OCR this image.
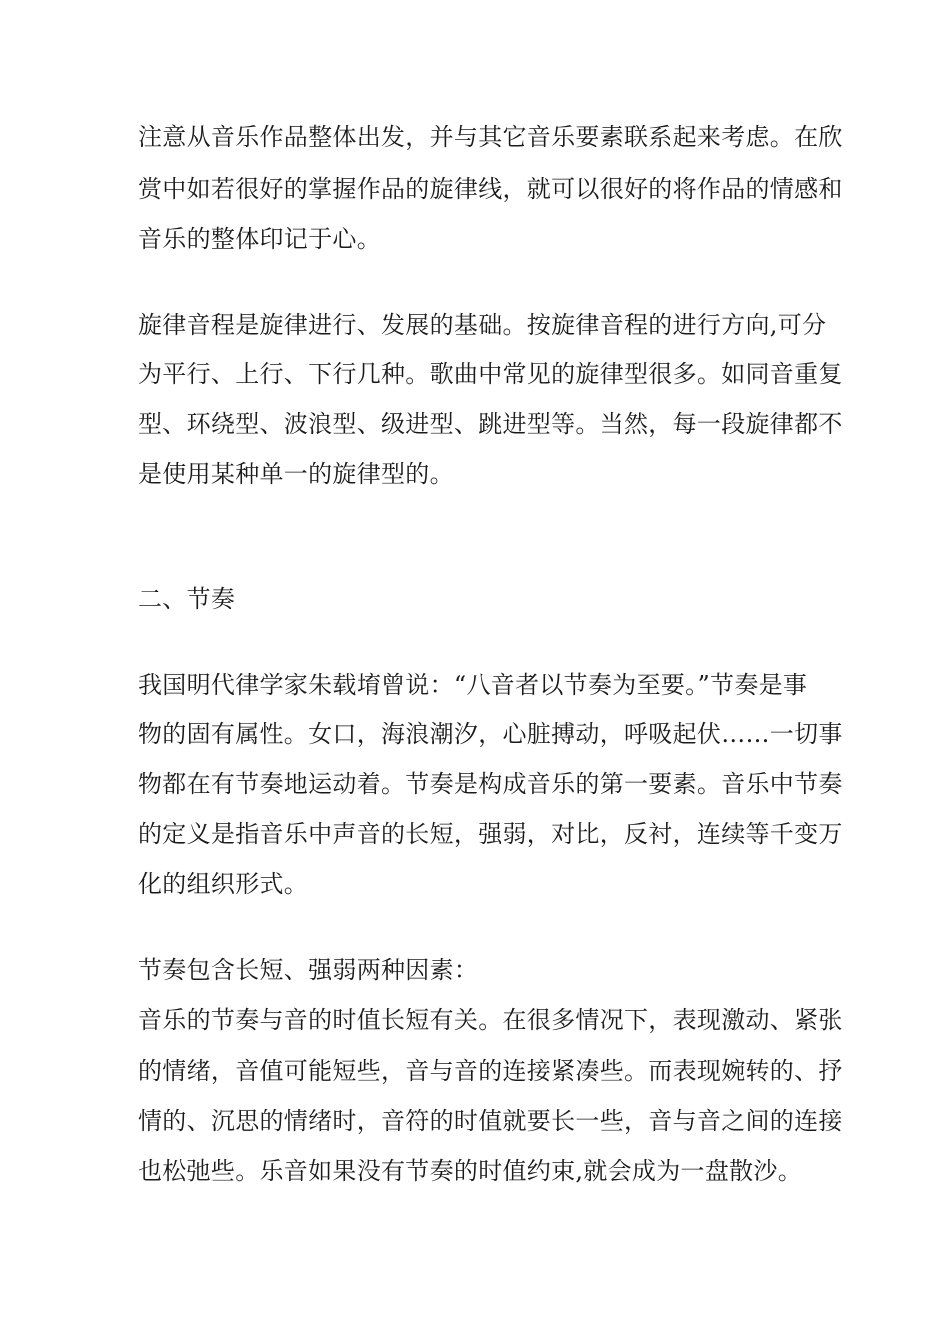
注意从音乐作品整体出发，并与其它音乐要素联系起来考虑。在欣
赏中如若很好的掌握作品的旋律线，就可以很好的将作品的情感和
音乐的整体印记于心。
旋律音程是旋律进行、发展的基础。按旋律音程的进行方向,可分
为平行、上行、下行几种。歌曲中常见的旋律型很多。如同音重复
型、环绕型、波浪型、级进型、跳进型等。当然，每一段旋律都不
是使用某种单一的旋律型的。
二、节奏
我国明代律学家朱载堉曾说：“八音者以节奏为至要。”节奏是事
物的固有属性。女口，海浪潮汐，心脏搏动，呼吸起伏……一切事
物都在有节奏地运动着。节奏是构成音乐的第一要素。音乐中节奏
的定义是指音乐中声音的长短，强弱，对比，反衬，连续等千变万
化的组织形式。
节奏包含长短、强弱两种因素：
音乐的节奏与音的时值长短有关。在很多情况下，表现激动、紧张
的情绪，音值可能短些，音与音的连接紧凑些。而表现婉转的、抒
情的、沉思的情绪时，音符的时值就要长一些，音与音之间的连接
也松弛些。乐音如果没有节奏的时值约束,就会成为一盘散沙。
